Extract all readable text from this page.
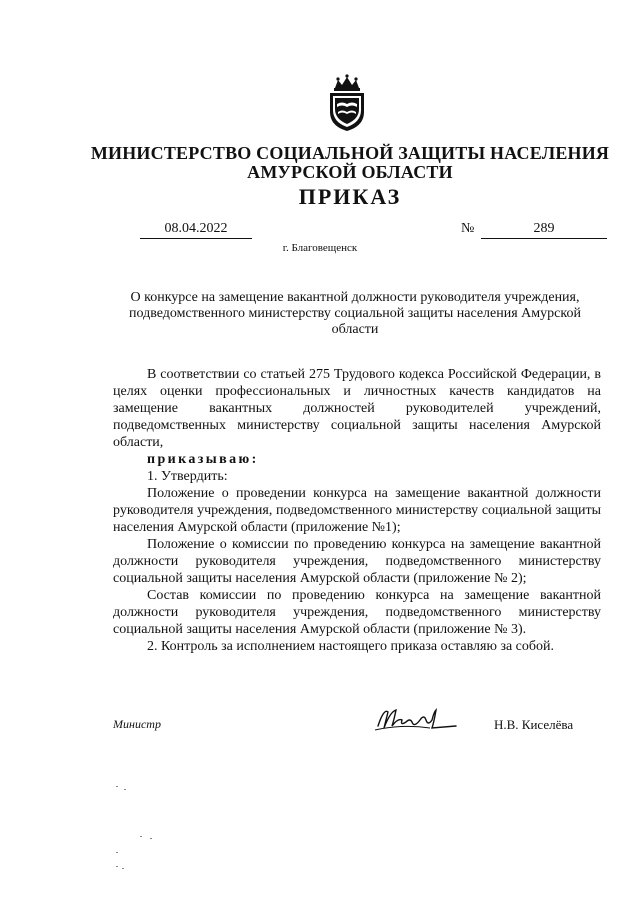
МИНИСТЕРСТВО СОЦИАЛЬНОЙ ЗАЩИТЫ НАСЕЛЕНИЯ
АМУРСКОЙ ОБЛАСТИ
ПРИКАЗ
08.04.2022	№	289
г. Благовещенск
О конкурсе на замещение вакантной должности руководителя учреждения, подведомственного министерству социальной защиты населения Амурской области

В соответствии со статьей 275 Трудового кодекса Российской Федерации, в целях оценки профессиональных и личностных качеств кандидатов на замещение вакантных должностей руководителей учреждений, подведомственных министерству социальной защиты населения Амурской области,

приказываю:

1. Утвердить:

Положение о проведении конкурса на замещение вакантной должности руководителя учреждения, подведомственного министерству социальной защиты населения Амурской области (приложение №1);

Положение о комиссии по проведению конкурса на замещение вакантной должности руководителя учреждения, подведомственного министерству социальной защиты населения Амурской области (приложение № 2);

Состав комиссии по проведению конкурса на замещение вакантной должности руководителя учреждения, подведомственного министерству социальной защиты населения Амурской области (приложение № 3).

2. Контроль за исполнением настоящего приказа оставляю за собой.

Министр	Н.В. Киселёва
